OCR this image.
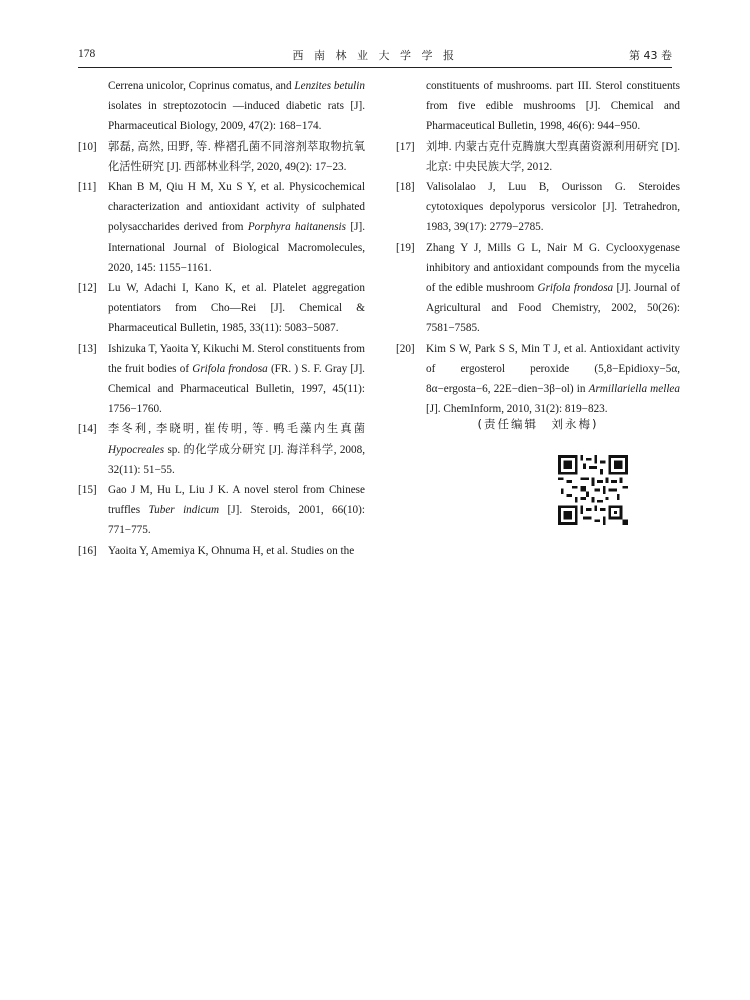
178	西 南 林 业 大 学 学 报	第 43 卷
Cerrena unicolor, Coprinus comatus, and Lenzites betulin isolates in streptozotocin —induced diabetic rats [J]. Pharmaceutical Biology, 2009, 47(2): 168−174.
[10] 郭磊, 高然, 田野, 等. 桦褶孔菌不同溶剂萃取物抗氧化活性研究 [J]. 西部林业科学, 2020, 49(2): 17−23.
[11] Khan B M, Qiu H M, Xu S Y, et al. Physicochemical characterization and antioxidant activity of sulphated polysaccharides derived from Porphyra haitanensis [J]. International Journal of Biological Macromolecules, 2020, 145: 1155−1161.
[12] Lu W, Adachi I, Kano K, et al. Platelet aggregation potentiators from Cho—Rei [J]. Chemical & Pharmaceutical Bulletin, 1985, 33(11): 5083−5087.
[13] Ishizuka T, Yaoita Y, Kikuchi M. Sterol constituents from the fruit bodies of Grifola frondosa (FR. ) S. F. Gray [J]. Chemical and Pharmaceutical Bulletin, 1997, 45(11): 1756−1760.
[14] 李冬利, 李晓明, 崔传明, 等. 鸭毛藻内生真菌 Hypocreales sp. 的化学成分研究 [J]. 海洋科学, 2008, 32(11): 51−55.
[15] Gao J M, Hu L, Liu J K. A novel sterol from Chinese truffles Tuber indicum [J]. Steroids, 2001, 66(10): 771−775.
[16] Yaoita Y, Amemiya K, Ohnuma H, et al. Studies on the
constituents of mushrooms. part III. Sterol constituents from five edible mushrooms [J]. Chemical and Pharmaceutical Bulletin, 1998, 46(6): 944−950.
[17] 刘坤. 内蒙古克什克腾旗大型真菌资源利用研究 [D]. 北京: 中央民族大学, 2012.
[18] Valisolalao J, Luu B, Ourisson G. Steroides cytotoxiques depolyporus versicolor [J]. Tetrahedron, 1983, 39(17): 2779−2785.
[19] Zhang Y J, Mills G L, Nair M G. Cyclooxygenase inhibitory and antioxidant compounds from the mycelia of the edible mushroom Grifola frondosa [J]. Journal of Agricultural and Food Chemistry, 2002, 50(26): 7581−7585.
[20] Kim S W, Park S S, Min T J, et al. Antioxidant activity of ergosterol peroxide (5,8−Epidioxy−5α, 8α−ergosta−6, 22E−dien−3β−ol) in Armillariella mellea [J]. ChemInform, 2010, 31(2): 819−823.
(责任编辑　刘永梅)
